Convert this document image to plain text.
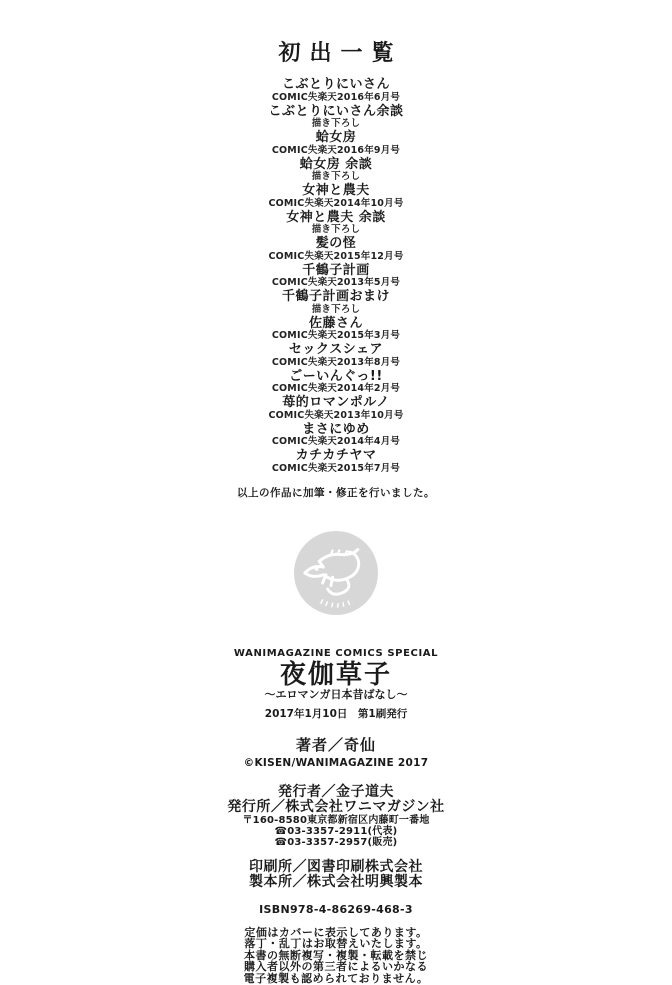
初出一覧
こぶとりにいさん
COMIC失楽天2016年6月号
こぶとりにいさん余談
描き下ろし
蛤女房
COMIC失楽天2016年9月号
蛤女房 余談
描き下ろし
女神と農夫
COMIC失楽天2014年10月号
女神と農夫 余談
描き下ろし
髪の怪
COMIC失楽天2015年12月号
千鶴子計画
COMIC失楽天2013年5月号
千鶴子計画おまけ
描き下ろし
佐藤さん
COMIC失楽天2015年3月号
セックスシェア
COMIC失楽天2013年8月号
ごーいんぐっ!!
COMIC失楽天2014年2月号
苺的ロマンポルノ
COMIC失楽天2013年10月号
まさにゆめ
COMIC失楽天2014年4月号
カチカチヤマ
COMIC失楽天2015年7月号

以上の作品に加筆・修正を行いました。

WANIMAGAZINE COMICS SPECIAL

夜伽草子

～エロマンガ日本昔ばなし～

2017年1月10日　第1刷発行

著者／奇仙

©KISEN/WANIMAGAZINE 2017

発行者／金子道夫

発行所／株式会社ワニマガジン社

〒160-8580東京都新宿区内藤町一番地

☎03-3357-2911(代表)

☎03-3357-2957(販売)

印刷所／図書印刷株式会社

製本所／株式会社明興製本

ISBN978-4-86269-468-3

定価はカバーに表示してあります。

落丁・乱丁はお取替えいたします。

本書の無断複写・複製・転載を禁じ

購入者以外の第三者によるいかなる

電子複製も認められておりません。
